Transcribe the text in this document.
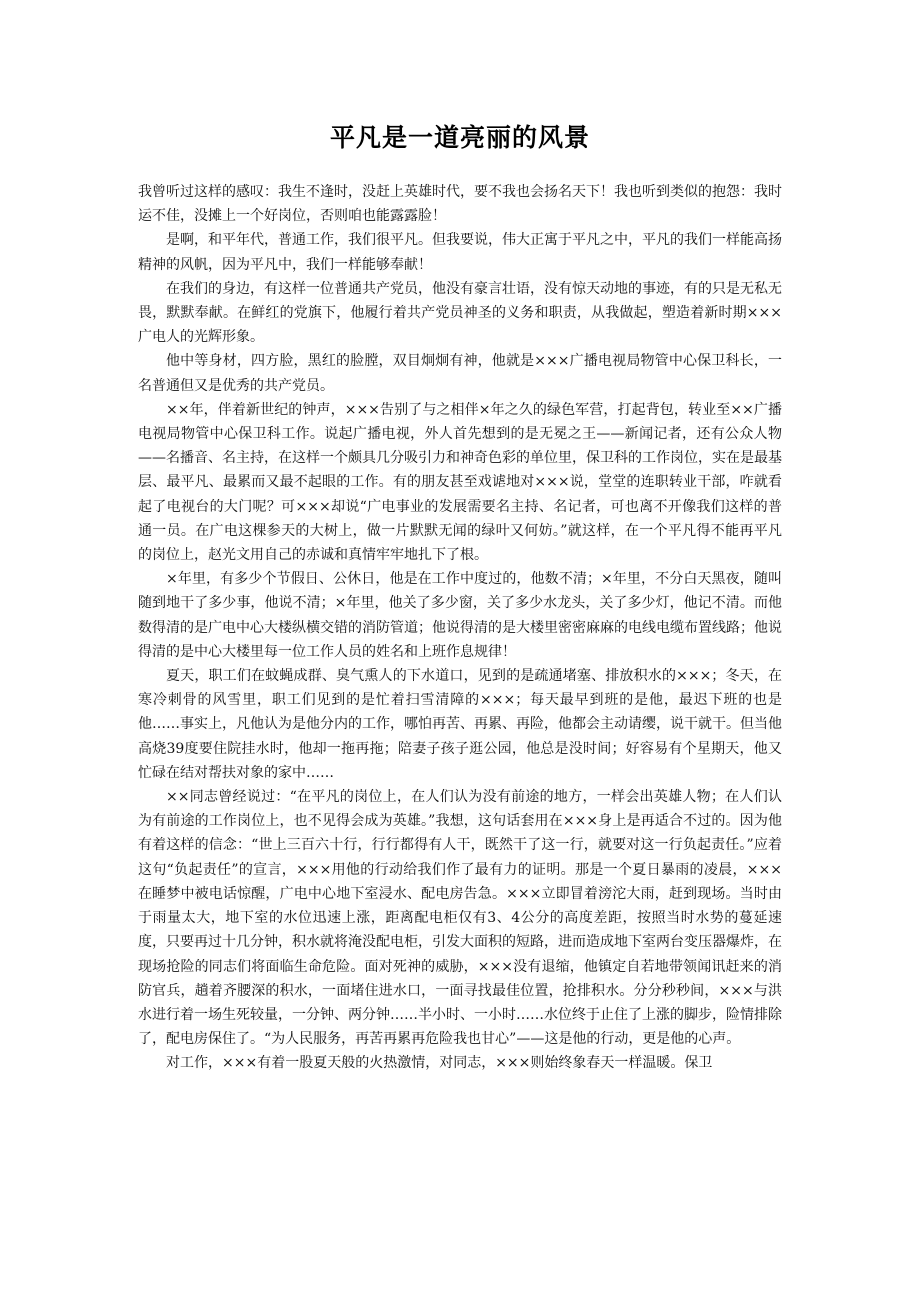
平凡是一道亮丽的风景

我曾听过这样的感叹：我生不逢时，没赶上英雄时代，要不我也会扬名天下！我也听到类似的抱怨：我时运不佳，没摊上一个好岗位，否则咱也能露露脸！

是啊，和平年代，普通工作，我们很平凡。但我要说，伟大正寓于平凡之中，平凡的我们一样能高扬精神的风帆，因为平凡中，我们一样能够奉献！

在我们的身边，有这样一位普通共产党员，他没有豪言壮语，没有惊天动地的事迹，有的只是无私无畏，默默奉献。在鲜红的党旗下，他履行着共产党员神圣的义务和职责，从我做起，塑造着新时期×××广电人的光辉形象。

他中等身材，四方脸，黑红的脸膛，双目炯炯有神，他就是×××广播电视局物管中心保卫科长，一名普通但又是优秀的共产党员。

××年，伴着新世纪的钟声，×××告别了与之相伴×年之久的绿色军营，打起背包，转业至××广播电视局物管中心保卫科工作。说起广播电视，外人首先想到的是无冕之王——新闻记者，还有公众人物——名播音、名主持，在这样一个颇具几分吸引力和神奇色彩的单位里，保卫科的工作岗位，实在是最基层、最平凡、最累而又最不起眼的工作。有的朋友甚至戏谑地对×××说，堂堂的连职转业干部，咋就看起了电视台的大门呢？可×××却说“广电事业的发展需要名主持、名记者，可也离不开像我们这样的普通一员。在广电这棵参天的大树上，做一片默默无闻的绿叶又何妨。”就这样，在一个平凡得不能再平凡的岗位上，赵光文用自己的赤诚和真情牢牢地扎下了根。

×年里，有多少个节假日、公休日，他是在工作中度过的，他数不清；×年里，不分白天黑夜，随叫随到地干了多少事，他说不清；×年里，他关了多少窗，关了多少水龙头，关了多少灯，他记不清。而他数得清的是广电中心大楼纵横交错的消防管道；他说得清的是大楼里密密麻麻的电线电缆布置线路；他说得清的是中心大楼里每一位工作人员的姓名和上班作息规律！

夏天，职工们在蚊蝇成群、臭气熏人的下水道口，见到的是疏通堵塞、排放积水的×××；冬天，在寒冷刺骨的风雪里，职工们见到的是忙着扫雪清障的×××；每天最早到班的是他，最迟下班的也是他……事实上，凡他认为是他分内的工作，哪怕再苦、再累、再险，他都会主动请缨，说干就干。但当他高烧39度要住院挂水时，他却一拖再拖；陪妻子孩子逛公园，他总是没时间；好容易有个星期天，他又忙碌在结对帮扶对象的家中……

××同志曾经说过：“在平凡的岗位上，在人们认为没有前途的地方，一样会出英雄人物；在人们认为有前途的工作岗位上，也不见得会成为英雄。”我想，这句话套用在×××身上是再适合不过的。因为他有着这样的信念：“世上三百六十行，行行都得有人干，既然干了这一行，就要对这一行负起责任。”应着这句“负起责任”的宣言，×××用他的行动给我们作了最有力的证明。那是一个夏日暴雨的凌晨，×××在睡梦中被电话惊醒，广电中心地下室浸水、配电房告急。×××立即冒着滂沱大雨，赶到现场。当时由于雨量太大，地下室的水位迅速上涨，距离配电柜仅有3、4公分的高度差距，按照当时水势的蔓延速度，只要再过十几分钟，积水就将淹没配电柜，引发大面积的短路，进而造成地下室两台变压器爆炸，在现场抢险的同志们将面临生命危险。面对死神的威胁，×××没有退缩，他镇定自若地带领闻讯赶来的消防官兵，趟着齐腰深的积水，一面堵住进水口，一面寻找最佳位置，抢排积水。分分秒秒间，×××与洪水进行着一场生死较量，一分钟、两分钟……半小时、一小时……水位终于止住了上涨的脚步，险情排除了，配电房保住了。“为人民服务，再苦再累再危险我也甘心”——这是他的行动，更是他的心声。

对工作，×××有着一股夏天般的火热激情，对同志，×××则始终象春天一样温暖。保卫
